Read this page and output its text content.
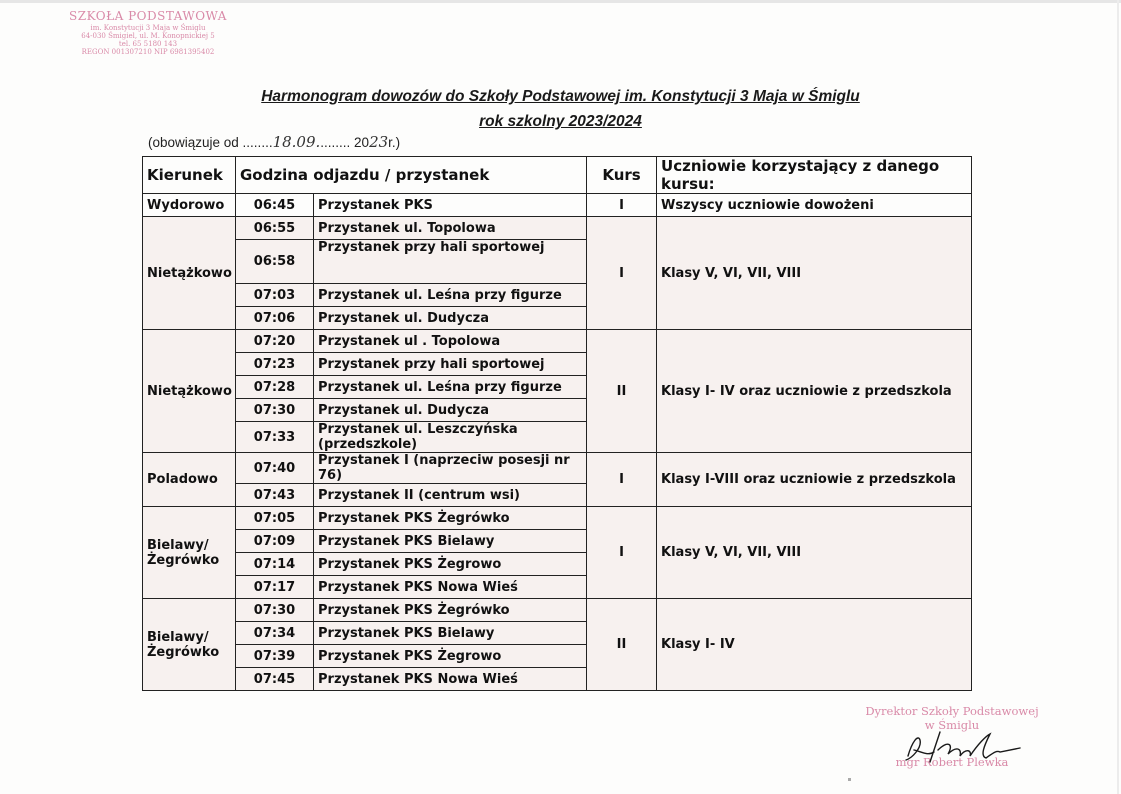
SZKOŁA PODSTAWOWA
im. Konstytucji 3 Maja w Śmiglu
64-030 Śmigiel, ul. M. Konopnickiej 5
tel. 65 5180 143
REGON 001307210 NIP 6981395402
Harmonogram dowozów do Szkoły Podstawowej im. Konstytucji 3 Maja w Śmiglu
rok szkolny 2023/2024
(obowiązuje od ........18.09......... 2023r.)
Kierunek	Godzina odjazdu / przystanek		Kurs	Uczniowie korzystający z danego kursu:
Wydorowo	06:45	Przystanek PKS	I	Wszyscy uczniowie dowożeni
Nietążkowo	06:55	Przystanek ul. Topolowa	I	Klasy V, VI, VII, VIII
	06:58	Przystanek przy hali sportowej		
	07:03	Przystanek ul. Leśna przy figurze		
	07:06	Przystanek ul. Dudycza		
Nietążkowo	07:20	Przystanek ul . Topolowa	II	Klasy I- IV oraz uczniowie z przedszkola
	07:23	Przystanek przy hali sportowej		
	07:28	Przystanek ul. Leśna przy figurze		
	07:30	Przystanek ul. Dudycza		
	07:33	Przystanek ul. Leszczyńska (przedszkole)		
Poladowo	07:40	Przystanek I (naprzeciw posesji nr 76)	I	Klasy I-VIII oraz uczniowie z przedszkola
	07:43	Przystanek II (centrum wsi)		
Bielawy/
Żegrówko	07:05	Przystanek PKS Żegrówko	I	Klasy V, VI, VII, VIII
	07:09	Przystanek PKS Bielawy		
	07:14	Przystanek PKS Żegrowo		
	07:17	Przystanek PKS Nowa Wieś		
Bielawy/
Żegrówko	07:30	Przystanek PKS Żegrówko	II	Klasy I- IV
	07:34	Przystanek PKS Bielawy		
	07:39	Przystanek PKS Żegrowo		
	07:45	Przystanek PKS Nowa Wieś		
Dyrektor Szkoły Podstawowej
w Śmiglu
mgr Robert Plewka
